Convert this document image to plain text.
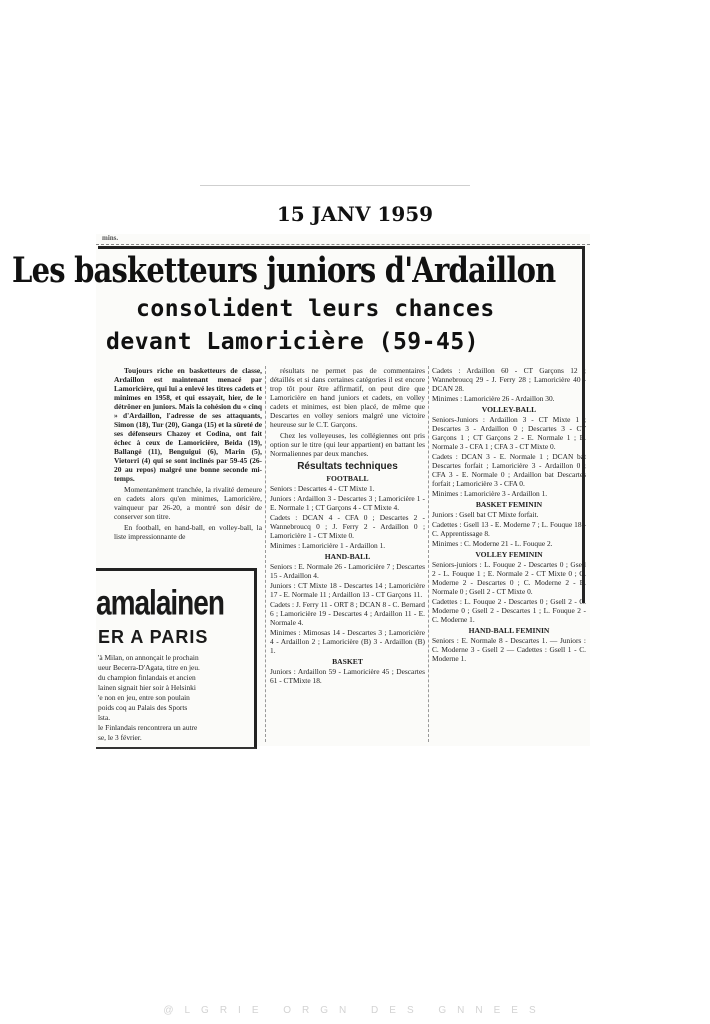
15 JANV 1959
mins.
Les basketteurs juniors d'Ardaillon
consolident leurs chances
devant Lamoricière (59-45)

Toujours riche en basketteurs de classe, Ardaillon est maintenant menacé par Lamoricière, qui lui a enlevé les titres cadets et minimes en 1958, et qui essayait, hier, de le détrôner en juniors. Mais la cohésion du « cinq » d'Ardaillon, l'adresse de ses attaquants, Simon (18), Tur (20), Ganga (15) et la sûreté de ses défenseurs Chazoy et Codina, ont fait échec à ceux de Lamoricière, Beida (19), Ballangé (11), Benguigui (6), Marin (5), Vietorri (4) qui se sont inclinés par 59-45 (26-20 au repos) malgré une bonne seconde mi-temps.

Momentanément tranchée, la rivalité demeure en cadets alors qu'en minimes, Lamoricière, vainqueur par 26-20, a montré son désir de conserver son titre.

En football, en hand-ball, en volley-ball, la liste impressionnante de

résultats ne permet pas de commentaires détaillés et si dans certaines catégories il est encore trop tôt pour être affirmatif, on peut dire que Lamoricière en hand juniors et cadets, en volley cadets et minimes, est bien placé, de même que Descartes en volley seniors malgré une victoire heureuse sur le C.T. Garçons.

Chez les volleyeuses, les collégiennes ont pris option sur le titre (qui leur appartient) en battant les Normaliennes par deux manches.

Résultats techniques
FOOTBALL

Seniors : Descartes 4 - CT Mixte 1.

Juniors : Ardaillon 3 - Descartes 3 ; Lamoricière 1 - E. Normale 1 ; CT Garçons 4 - CT Mixte 4.

Cadets : DCAN 4 - CFA 0 ; Descartes 2 - Wannebroucq 0 ; J. Ferry 2 - Ardaillon 0 ; Lamoricière 1 - CT Mixte 0.

Minimes : Lamoricière 1 - Ardaillon 1.

HAND-BALL

Seniors : E. Normale 26 - Lamoricière 7 ; Descartes 15 - Ardaillon 4.

Juniors : CT Mixte 18 - Descartes 14 ; Lamoricière 17 - E. Normale 11 ; Ardaillon 13 - CT Garçons 11.

Cadets : J. Ferry 11 - ORT 8 ; DCAN 8 - C. Bernard 6 ; Lamoricière 19 - Descartes 4 ; Ardaillon 11 - E. Normale 4.

Minimes : Mimosas 14 - Descartes 3 ; Lamoricière 4 - Ardaillon 2 ; Lamoricière (B) 3 - Ardaillon (B) 1.

BASKET

Juniors : Ardaillon 59 - Lamoricière 45 ; Descartes 61 - CTMixte 18.

Cadets : Ardaillon 60 - CT Garçons 12 ; Wannebroucq 29 - J. Ferry 28 ; Lamoricière 40 - DCAN 28.

Minimes : Lamoricière 26 - Ardaillon 30.

VOLLEY-BALL

Seniors-Juniors : Ardaillon 3 - CT Mixte 1 ; Descartes 3 - Ardaillon 0 ; Descartes 3 - CT Garçons 1 ; CT Garçons 2 - E. Normale 1 ; E. Normale 3 - CFA 1 ; CFA 3 - CT Mixte 0.

Cadets : DCAN 3 - E. Normale 1 ; DCAN bat Descartes forfait ; Lamoricière 3 - Ardaillon 0 ; CFA 3 - E. Normale 0 ; Ardaillon bat Descartes forfait ; Lamoricière 3 - CFA 0.

Minimes : Lamoricière 3 - Ardaillon 1.

BASKET FEMININ

Juniors : Gsell bat CT Mixte forfait.

Cadettes : Gsell 13 - E. Moderne 7 ; L. Fouque 18 - C. Apprentissage 8.

Minimes : C. Moderne 21 - L. Fouque 2.

VOLLEY FEMININ

Seniors-juniors : L. Fouque 2 - Descartes 0 ; Gsell 2 - L. Fouque 1 ; E. Normale 2 - CT Mixte 0 ; C. Moderne 2 - Descartes 0 ; C. Moderne 2 - E. Normale 0 ; Gsell 2 - CT Mixte 0.

Cadettes : L. Fouque 2 - Descartes 0 ; Gsell 2 - C. Moderne 0 ; Gsell 2 - Descartes 1 ; L. Fouque 2 - C. Moderne 1.

HAND-BALL FEMININ

Seniors : E. Normale 8 - Descartes 1. — Juniors : C. Moderne 3 - Gsell 2 — Cadettes : Gsell 1 - C. Moderne 1.

amalainen
ER A PARIS

'à Milan, on annonçait le prochain

ueur Becerra-D'Agata, titre en jeu.

du champion finlandais et ancien

lainen signait hier soir à Helsinki

'e non en jeu, entre son poulain

poids coq au Palais des Sports

ïsta.

le Finlandais rencontrera un autre

se, le 3 février.

@LGRIE ORGN DES GNNEES
